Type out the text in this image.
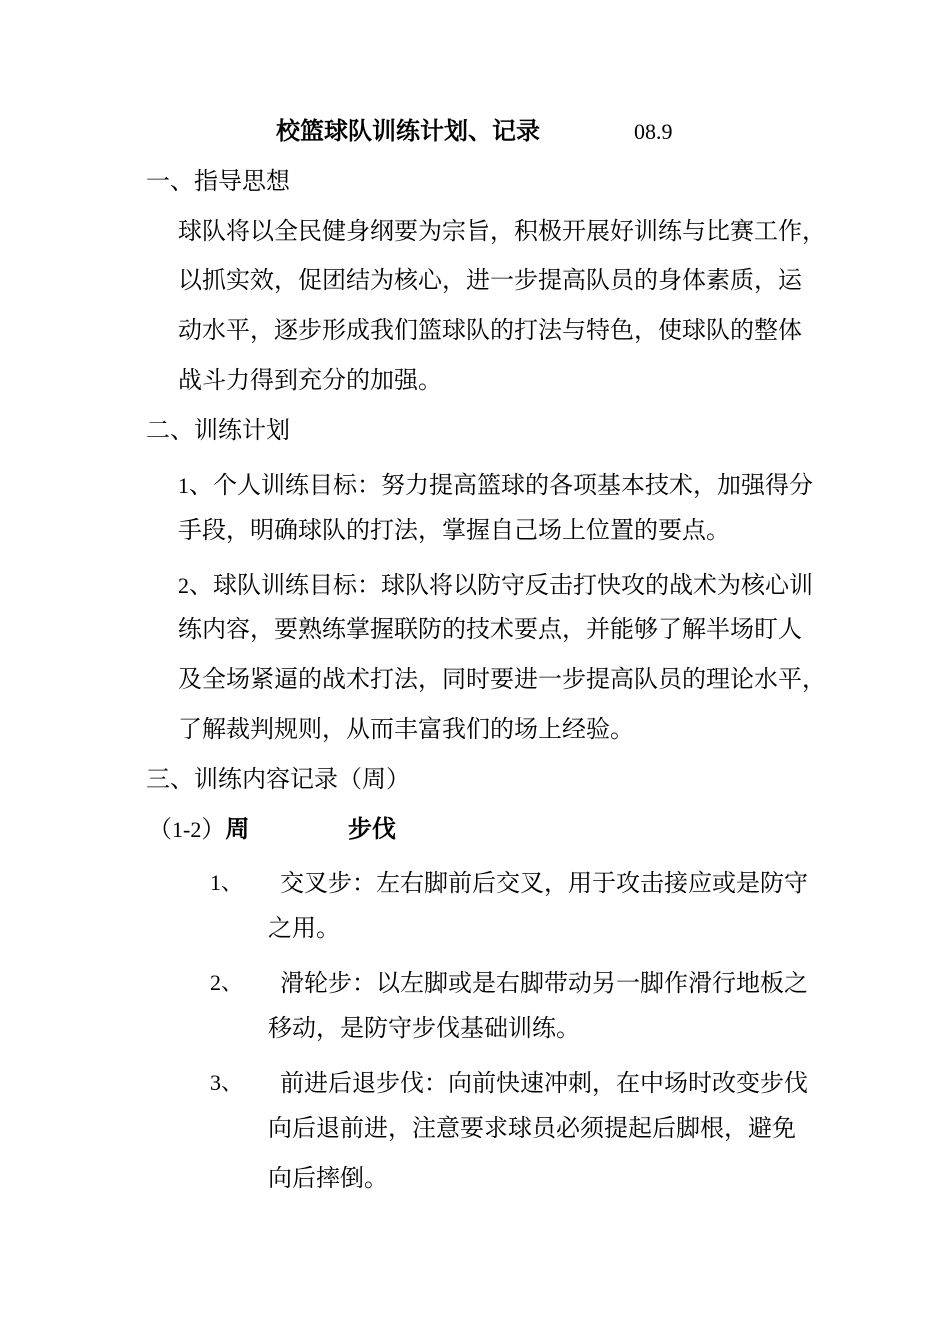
校篮球队训练计划、记录	08.9
一、指导思想
球队将以全民健身纲要为宗旨，积极开展好训练与比赛工作，
以抓实效，促团结为核心，进一步提高队员的身体素质，运
动水平，逐步形成我们篮球队的打法与特色，使球队的整体
战斗力得到充分的加强。
二、训练计划
1、个人训练目标：努力提高篮球的各项基本技术，加强得分
手段，明确球队的打法，掌握自己场上位置的要点。
2、球队训练目标：球队将以防守反击打快攻的战术为核心训
练内容，要熟练掌握联防的技术要点，并能够了解半场盯人
及全场紧逼的战术打法，同时要进一步提高队员的理论水平，
了解裁判规则，从而丰富我们的场上经验。
三、训练内容记录（周）
（1-2）周	步伐
1、 交叉步：左右脚前后交叉，用于攻击接应或是防守
之用。
2、 滑轮步：以左脚或是右脚带动另一脚作滑行地板之
移动，是防守步伐基础训练。
3、 前进后退步伐：向前快速冲刺，在中场时改变步伐
向后退前进，注意要求球员必须提起后脚根，避免
向后摔倒。
